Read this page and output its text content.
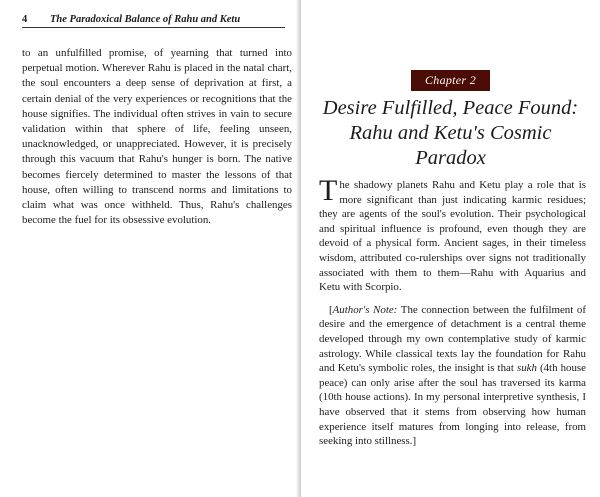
4	The Paradoxical Balance of Rahu and Ketu

to an unfulfilled promise, of yearning that turned into perpetual motion. Wherever Rahu is placed in the natal chart, the soul encounters a deep sense of deprivation at first, a certain denial of the very experiences or recognitions that the house signifies. The individual often strives in vain to secure validation within that sphere of life, feeling unseen, unacknowledged, or unappreciated. However, it is precisely through this vacuum that Rahu's hunger is born. The native becomes fiercely determined to master the lessons of that house, often willing to transcend norms and limitations to claim what was once withheld. Thus, Rahu's challenges become the fuel for its obsessive evolution.

Chapter 2
Desire Fulfilled, Peace Found:
Rahu and Ketu's Cosmic
Paradox

The shadowy planets Rahu and Ketu play a role that is more significant than just indicating karmic residues; they are agents of the soul's evolution. Their psychological and spiritual influence is profound, even though they are devoid of a physical form. Ancient sages, in their timeless wisdom, attributed co-rulerships over signs not traditionally associated with them to them—Rahu with Aquarius and Ketu with Scorpio.

[Author's Note: The connection between the fulfilment of desire and the emergence of detachment is a central theme developed through my own contemplative study of karmic astrology. While classical texts lay the foundation for Rahu and Ketu's symbolic roles, the insight is that sukh (4th house peace) can only arise after the soul has traversed its karma (10th house actions). In my personal interpretive synthesis, I have observed that it stems from observing how human experience itself matures from longing into release, from seeking into stillness.]
